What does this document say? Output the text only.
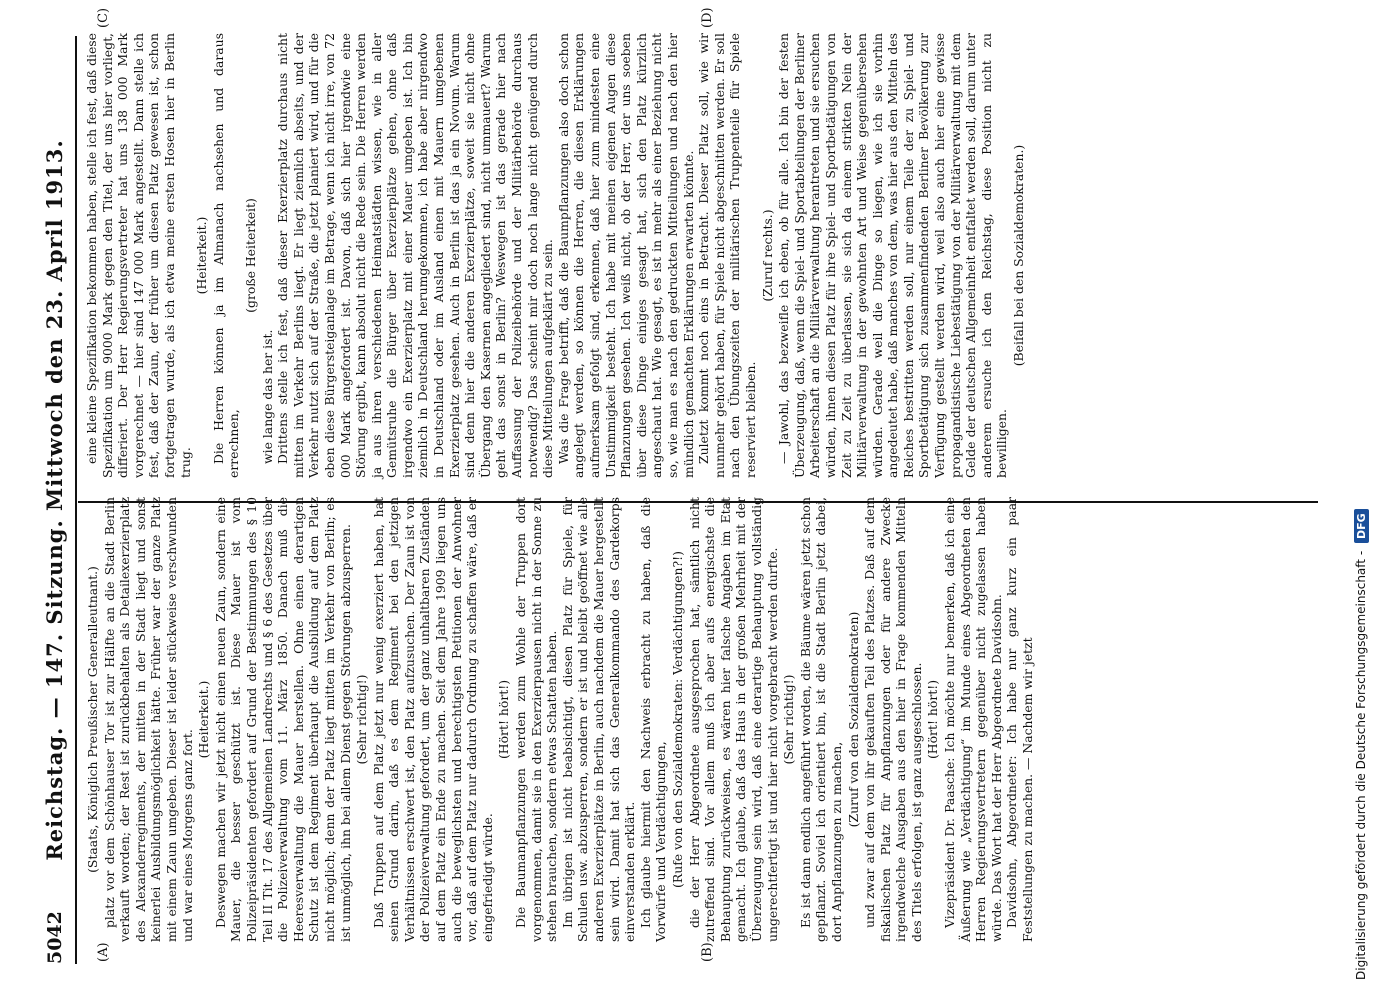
5042
Reichstag. — 147. Sitzung. Mittwoch den 23. April 1913.
(A)	(B)
(C)	(D)

(Staats, Königlich Preußischer Generalleutnant.) platz vor dem Schönhauser Tor ist zur Hälfte an die Stadt Berlin verkauft worden; der Rest ist zurückbehalten als Detailexerzierplatz des Alexanderregiments, der mitten in der Stadt liegt und sonst keinerlei Ausbildungsmöglichkeit hätte. Früher war der ganze Platz mit einem Zaun umgeben. Dieser ist leider stückweise verschwunden und war eines Morgens ganz fort.

(Heiterkeit.) Deswegen machen wir jetzt nicht einen neuen Zaun, sondern eine Mauer, die besser geschützt ist. Diese Mauer ist vom Polizeipräsidenten gefordert auf Grund der Bestimmungen des § 10 Teil II Tit. 17 des Allgemeinen Landrechts und § 6 des Gesetzes über die Polizeiverwaltung vom 11. März 1850. Danach muß die Heeresverwaltung die Mauer herstellen. Ohne einen derartigen Schutz ist dem Regiment überhaupt die Ausbildung auf dem Platz nicht möglich; denn der Platz liegt mitten im Verkehr von Berlin; es ist unmöglich, ihn bei allem Dienst gegen Störungen abzusperren. (Sehr richtig!) Daß Truppen auf dem Platz jetzt nur wenig exerziert haben, hat seinen Grund darin, daß es dem Regiment bei den jetzigen Verhältnissen erschwert ist, den Platz aufzusuchen. Der Zaun ist von der Polizeiverwaltung gefordert, um der ganz unhaltbaren Zuständen auf dem Platz ein Ende zu machen. Seit dem Jahre 1909 liegen uns auch die beweglichsten und berechtigsten Petitionen der Anwohner vor, daß auf dem Platz nur dadurch Ordnung zu schaffen wäre, daß er eingefriedigt würde.

(Hört! hört!) Die Baumanpflanzungen werden zum Wohle der Truppen dort vorgenommen, damit sie in den Exerzierpausen nicht in der Sonne zu stehen brauchen, sondern etwas Schatten haben. Im übrigen ist nicht beabsichtigt, diesen Platz für Spiele, für Schulen usw. abzusperren, sondern er ist und bleibt geöffnet wie alle anderen Exerzierplätze in Berlin, auch nachdem die Mauer hergestellt sein wird. Damit hat sich das Generalkommando des Gardekorps einverstanden erklärt. Ich glaube hiermit den Nachweis erbracht zu haben, daß die Vorwürfe und Verdächtigungen, (Rufe von den Sozialdemokraten: Verdächtigungen?!) die der Herr Abgeordnete ausgesprochen hat, sämtlich nicht zutreffend sind. Vor allem muß ich aber aufs energischste die Behauptung zurückweisen, es wären hier falsche Angaben im Etat gemacht. Ich glaube, daß das Haus in der großen Mehrheit mit der Überzeugung sein wird, daß eine derartige Behauptung vollständig ungerechtfertigt ist und hier nicht vorgebracht werden durfte. (Sehr richtig!) Es ist dann endlich angeführt worden, die Bäume wären jetzt schon gepflanzt. Soviel ich orientiert bin, ist die Stadt Berlin jetzt dabei, dort Anpflanzungen zu machen,

(Zuruf von den Sozialdemokraten) und zwar auf dem von ihr gekauften Teil des Platzes. Daß auf dem fiskalischen Platz für Anpflanzungen oder für andere Zwecke irgendwelche Ausgaben aus den hier in Frage kommenden Mitteln des Titels erfolgen, ist ganz ausgeschlossen. (Hört! hört!) Vizepräsident Dr. Paasche: Ich möchte nur bemerken, daß ich eine Äußerung wie „Verdächtigung“ im Munde eines Abgeordneten den Herren Regierungsvertretern gegenüber nicht zugelassen haben würde. Das Wort hat der Herr Abgeordnete Davidsohn. Davidsohn, Abgeordneter: Ich habe nur ganz kurz ein paar Feststellungen zu machen. — Nachdem wir jetzt

eine kleine Spezifikation bekommen haben, stelle ich fest, daß diese Spezifikation um 9000 Mark gegen den Titel, der uns hier vorliegt, differiert. Der Herr Regierungsvertreter hat uns 138 000 Mark vorgerechnet — hier sind 147 000 Mark angestellt. Dann stelle ich fest, daß der Zaun, der früher um diesen Platz gewesen ist, schon fortgetragen wurde, als ich etwa meine ersten Hosen hier in Berlin trug.

(Heiterkeit.) Die Herren können ja im Almanach nachsehen und daraus errechnen,

(große Heiterkeit)

wie lange das her ist. Drittens stelle ich fest, daß dieser Exerzierplatz durchaus nicht mitten im Verkehr Berlins liegt. Er liegt ziemlich abseits, und der Verkehr nutzt sich auf der Straße, die jetzt planiert wird, und für die eben diese Bürgersteiganlage im Betrage, wenn ich nicht irre, von 72 000 Mark angefordert ist. Davon, daß sich hier irgendwie eine Störung ergibt, kann absolut nicht die Rede sein. Die Herren werden ja aus ihren verschiedenen Heimatstädten wissen, wie in aller Gemütsruhe die Bürger über Exerzierplätze gehen, ohne daß irgendwo ein Exerzierplatz mit einer Mauer umgeben ist. Ich bin ziemlich in Deutschland herumgekommen, ich habe aber nirgendwo in Deutschland oder im Ausland einen mit Mauern umgebenen Exerzierplatz gesehen. Auch in Berlin ist das ja ein Novum. Warum sind denn hier die anderen Exerzierplätze, soweit sie nicht ohne Übergang den Kasernen angegliedert sind, nicht ummauert? Warum geht das sonst in Berlin? Weswegen ist das gerade hier nach Auffassung der Polizeibehörde und der Militärbehörde durchaus notwendig? Das scheint mir doch noch lange nicht genügend durch diese Mitteilungen aufgeklärt zu sein. Was die Frage betrifft, daß die Baumpflanzungen also doch schon angelegt werden, so können die Herren, die diesen Erklärungen aufmerksam gefolgt sind, erkennen, daß hier zum mindesten eine Unstimmigkeit besteht. Ich habe mit meinen eigenen Augen diese Pflanzungen gesehen. Ich weiß nicht, ob der Herr, der uns soeben über diese Dinge einiges gesagt hat, sich den Platz kürzlich angeschaut hat. Wie gesagt, es ist in mehr als einer Beziehung nicht so, wie man es nach den gedruckten Mitteilungen und nach den hier mündlich gemachten Erklärungen erwarten könnte. Zuletzt kommt noch eins in Betracht. Dieser Platz soll, wie wir nunmehr gehört haben, für Spiele nicht abgeschnitten werden. Er soll nach den Übungszeiten der militärischen Truppenteile für Spiele reserviert bleiben.

(Zuruf rechts.) — Jawohl, das bezweifle ich eben, ob für alle. Ich bin der festen Überzeugung, daß, wenn die Spiel- und Sportabteilungen der Berliner Arbeiterschaft an die Militärverwaltung herantreten und sie ersuchen würden, ihnen diesen Platz für ihre Spiel- und Sportbetätigungen von Zeit zu Zeit zu überlassen, sie sich da einem strikten Nein der Militärverwaltung in der gewohnten Art und Weise gegenübersehen würden. Gerade weil die Dinge so liegen, wie ich sie vorhin angedeutet habe, daß manches von dem, was hier aus den Mitteln des Reiches bestritten werden soll, nur einem Teile der zu Spiel- und Sportbetätigung sich zusammenfindenden Berliner Bevölkerung zur Verfügung gestellt werden wird, weil also auch hier eine gewisse propagandistische Liebestätigung von der Militärverwaltung mit dem Gelde der deutschen Allgemeinheit entfaltet werden soll, darum unter anderem ersuche ich den Reichstag, diese Position nicht zu bewilligen.

(Beifall bei den Sozialdemokraten.)

Digitalisierung gefördert durch die Deutsche Forschungsgemeinschaft - DFG
